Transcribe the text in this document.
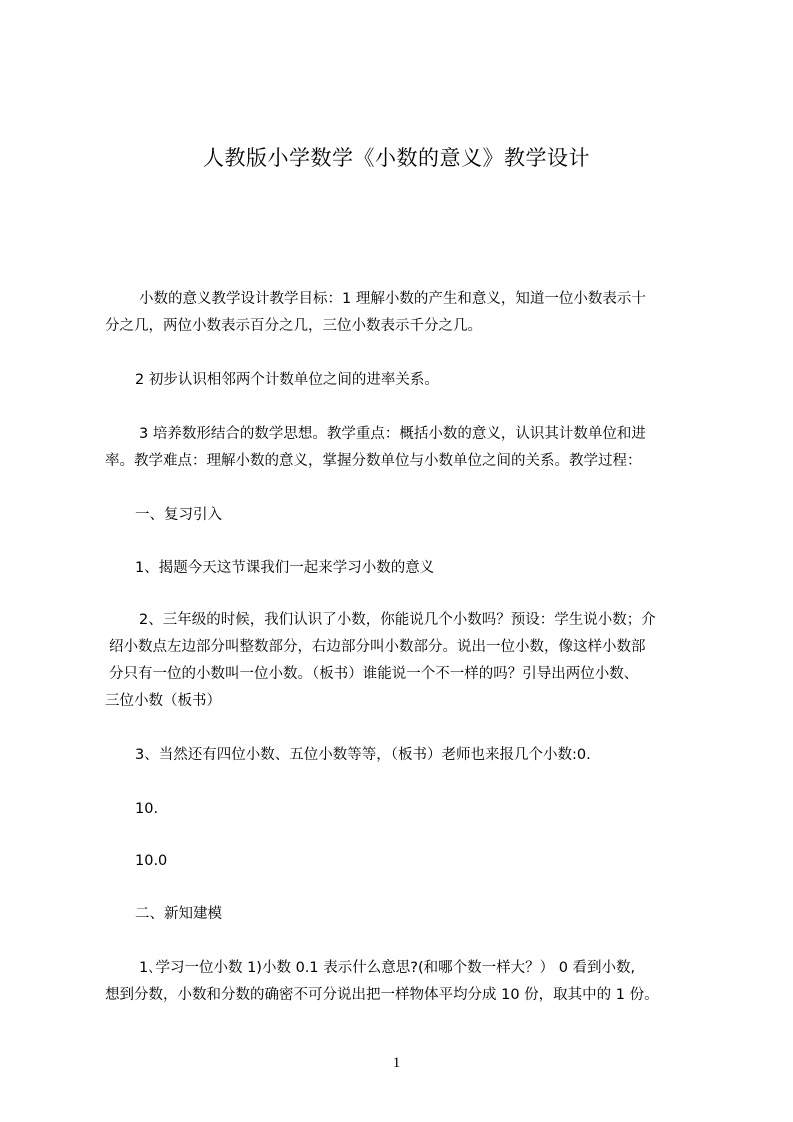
人教版小学数学《小数的意义》教学设计
小数的意义教学设计教学目标：1 理解小数的产生和意义，知道一位小数表示十
分之几，两位小数表示百分之几，三位小数表示千分之几。
2 初步认识相邻两个计数单位之间的进率关系。
3 培养数形结合的数学思想。教学重点：概括小数的意义，认识其计数单位和进
率。教学难点：理解小数的意义，掌握分数单位与小数单位之间的关系。教学过程：
一、复习引入
1、揭题今天这节课我们一起来学习小数的意义
2、三年级的时候，我们认识了小数，你能说几个小数吗？预设：学生说小数；介
绍小数点左边部分叫整数部分，右边部分叫小数部分。说出一位小数，像这样小数部
分只有一位的小数叫一位小数。（板书）谁能说一个不一样的吗？引导出两位小数、
三位小数（板书）
3、当然还有四位小数、五位小数等等，（板书）老师也来报几个小数:0.
10.
10.0
二、新知建模
1､学习一位小数 1)小数 0.1 表示什么意思?(和哪个数一样大？） 0 看到小数,
想到分数，小数和分数的确密不可分说出把一样物体平均分成 10 份，取其中的 1 份。
1
